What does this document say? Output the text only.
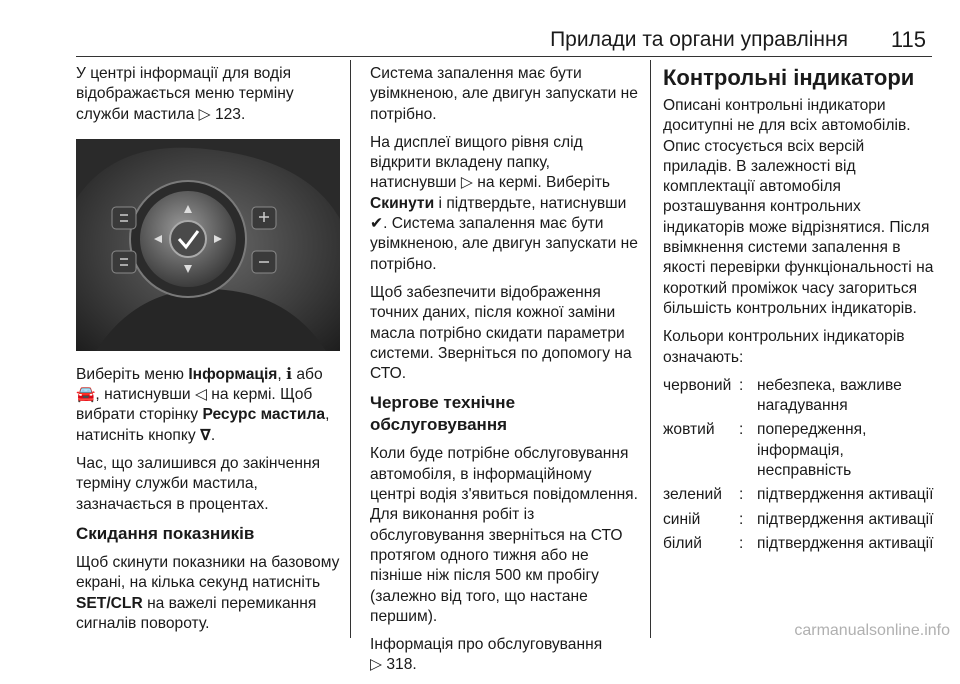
Прилади та органи управління 115

У центрі інформації для водія відображається меню терміну служби мастила ▷ 123.

Виберіть меню Інформація, ℹ або 🚘, натиснувши ◁ на кермі. Щоб вибрати сторінку Ресурс мастила, натисніть кнопку ∇.

Час, що залишився до закінчення терміну служби мастила, зазначається в процентах.

Скидання показників

Щоб скинути показники на базовому екрані, на кілька секунд натисніть SET/CLR на важелі перемикання сигналів повороту.

Система запалення має бути увімкненою, але двигун запускати не потрібно.

На дисплеї вищого рівня слід відкрити вкладену папку, натиснувши ▷ на кермі. Виберіть Скинути і підтвердьте, натиснувши ✔. Система запалення має бути увімкненою, але двигун запускати не потрібно.

Щоб забезпечити відображення точних даних, після кожної заміни масла потрібно скидати параметри системи. Зверніться по допомогу на СТО.

Чергове технічне обслуговування

Коли буде потрібне обслуговування автомобіля, в інформаційному центрі водія з'явиться повідомлення. Для виконання робіт із обслуговування зверніться на СТО протягом одного тижня або не пізніше ніж після 500 км пробігу (залежно від того, що настане першим).

Інформація про обслуговування
▷ 318.

Контрольні індикатори

Описані контрольні індикатори доситупні не для всіх автомобілів. Опис стосується всіх версій приладів. В залежності від комплектації автомобіля розташування контрольних індикаторів може відрізнятися. Після ввімкнення системи запалення в якості перевірки функціональності на короткий проміжок часу загориться більшість контрольних індикаторів.

Кольори контрольних індикаторів означають:

червоний	:	небезпека, важливе нагадування
жовтий	:	попередження, інформація, несправність
зелений	:	підтвердження активації
синій	:	підтвердження активації
білий	:	підтвердження активації
carmanualsonline.info
